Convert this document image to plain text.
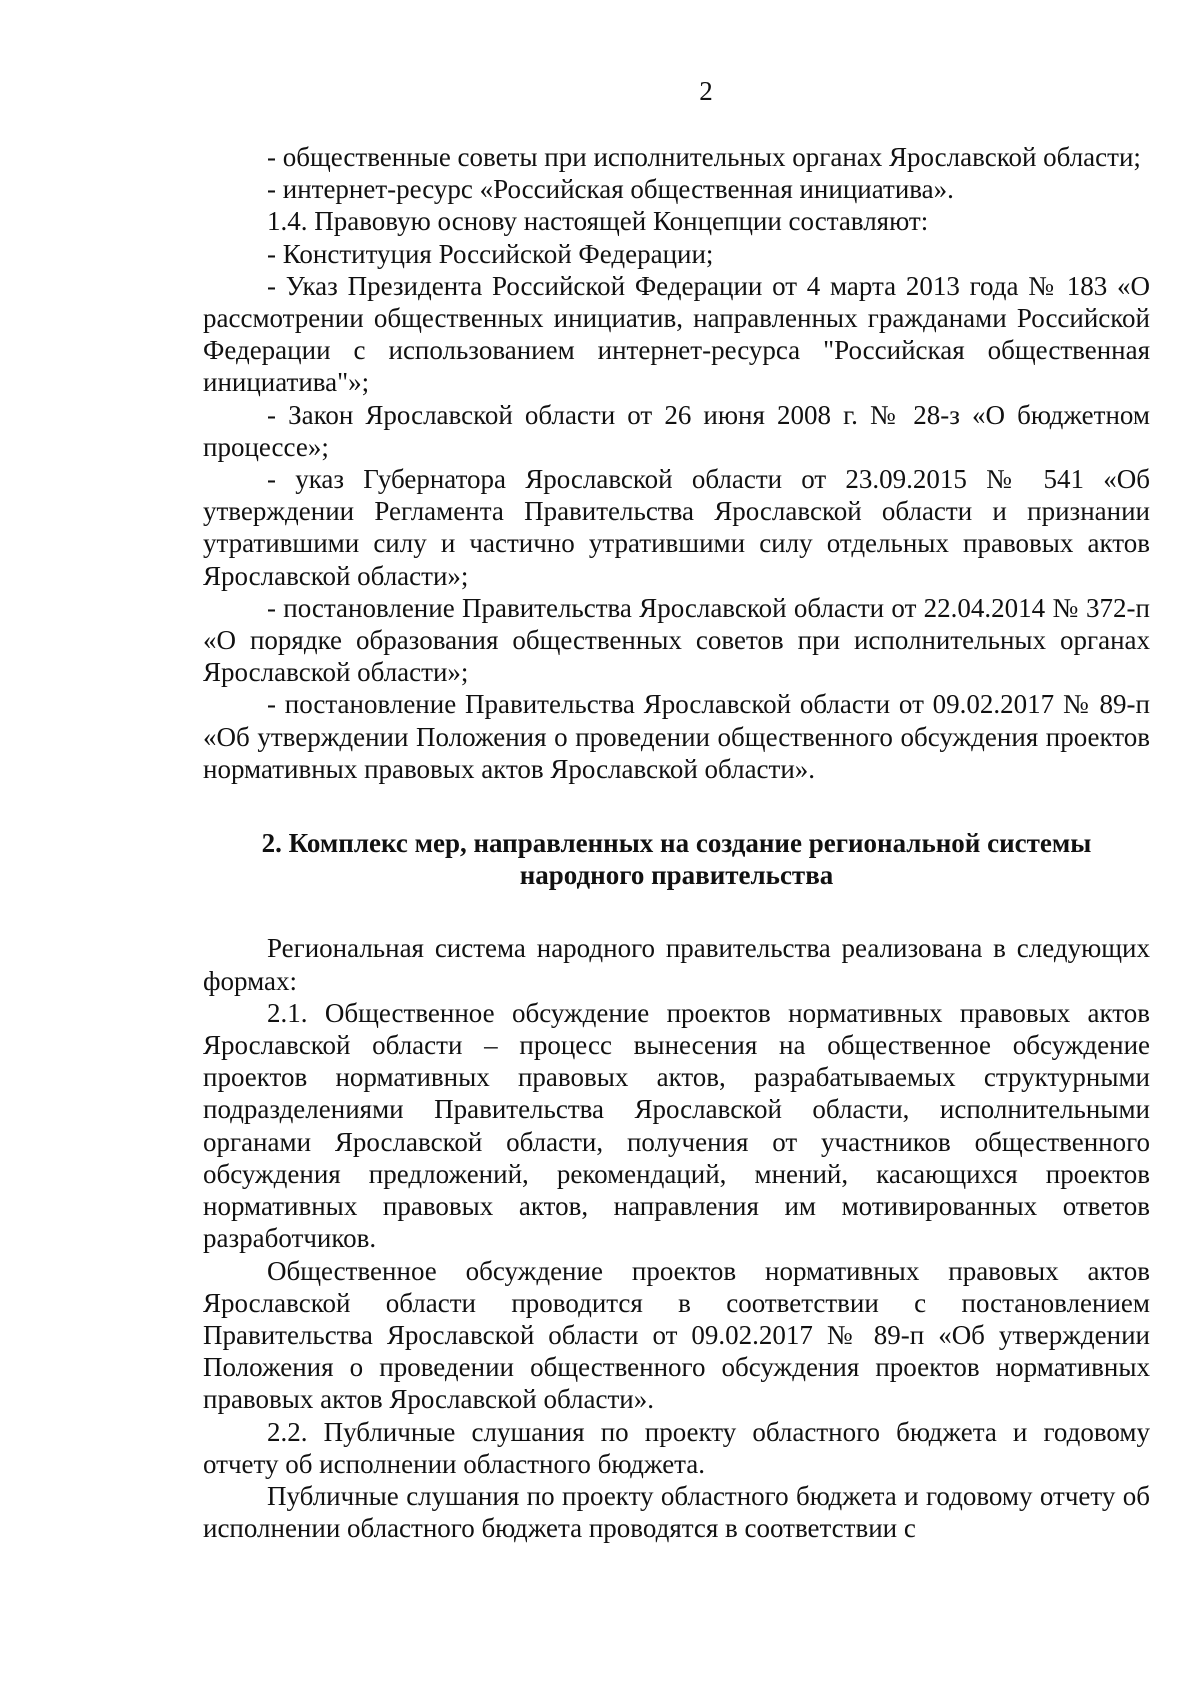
2

- общественные советы при исполнительных органах Ярославской области;

- интернет-ресурс «Российская общественная инициатива».

1.4. Правовую основу настоящей Концепции составляют:

- Конституция Российской Федерации;

- Указ Президента Российской Федерации от 4 марта 2013 года № 183 «О рассмотрении общественных инициатив, направленных гражданами Российской Федерации с использованием интернет-ресурса "Российская общественная инициатива"»;

- Закон Ярославской области от 26 июня 2008 г. № 28-з «О бюджетном процессе»;

- указ Губернатора Ярославской области от 23.09.2015 № 541 «Об утверждении Регламента Правительства Ярославской области и признании утратившими силу и частично утратившими силу отдельных правовых актов Ярославской области»;

- постановление Правительства Ярославской области от 22.04.2014 № 372-п «О порядке образования общественных советов при исполнительных органах Ярославской области»;

- постановление Правительства Ярославской области от 09.02.2017 № 89-п «Об утверждении Положения о проведении общественного обсуждения проектов нормативных правовых актов Ярославской области».

2. Комплекс мер, направленных на создание региональной системы
народного правительства

Региональная система народного правительства реализована в следующих формах:

2.1. Общественное обсуждение проектов нормативных правовых актов Ярославской области – процесс вынесения на общественное обсуждение проектов нормативных правовых актов, разрабатываемых структурными подразделениями Правительства Ярославской области, исполнительными органами Ярославской области, получения от участников общественного обсуждения предложений, рекомендаций, мнений, касающихся проектов нормативных правовых актов, направления им мотивированных ответов разработчиков.

Общественное обсуждение проектов нормативных правовых актов Ярославской области проводится в соответствии с постановлением Правительства Ярославской области от 09.02.2017 № 89-п «Об утверждении Положения о проведении общественного обсуждения проектов нормативных правовых актов Ярославской области».

2.2. Публичные слушания по проекту областного бюджета и годовому отчету об исполнении областного бюджета.

Публичные слушания по проекту областного бюджета и годовому отчету об исполнении областного бюджета проводятся в соответствии с
